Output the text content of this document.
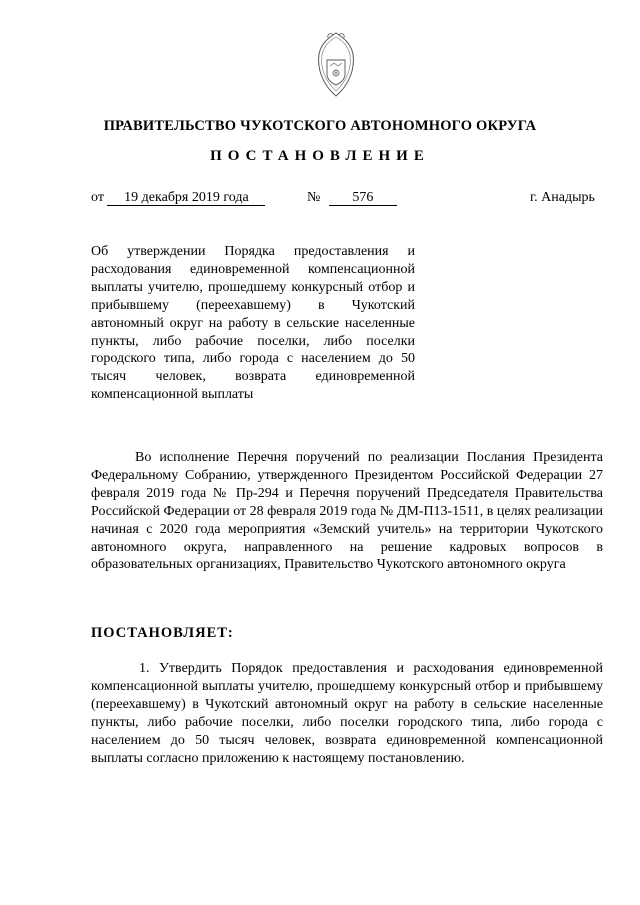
ПРАВИТЕЛЬСТВО ЧУКОТСКОГО АВТОНОМНОГО ОКРУГА
ПОСТАНОВЛЕНИЕ
от 19 декабря 2019 года	№ 576	г. Анадырь
Об утверждении Порядка предоставления и расходования единовременной компенсационной выплаты учителю, прошедшему конкурсный отбор и прибывшему (переехавшему) в Чукотский автономный округ на работу в сельские населенные пункты, либо рабочие поселки, либо поселки городского типа, либо города с населением до 50 тысяч человек, возврата единовременной компенсационной выплаты
Во исполнение Перечня поручений по реализации Послания Президента Федеральному Собранию, утвержденного Президентом Российской Федерации 27 февраля 2019 года № Пр-294 и Перечня поручений Председателя Правительства Российской Федерации от 28 февраля 2019 года № ДМ-П13-1511, в целях реализации начиная с 2020 года мероприятия «Земский учитель» на территории Чукотского автономного округа, направленного на решение кадровых вопросов в образовательных организациях, Правительство Чукотского автономного округа
ПОСТАНОВЛЯЕТ:
1. Утвердить Порядок предоставления и расходования единовременной компенсационной выплаты учителю, прошедшему конкурсный отбор и прибывшему (переехавшему) в Чукотский автономный округ на работу в сельские населенные пункты, либо рабочие поселки, либо поселки городского типа, либо города с населением до 50 тысяч человек, возврата единовременной компенсационной выплаты согласно приложению к настоящему постановлению.
